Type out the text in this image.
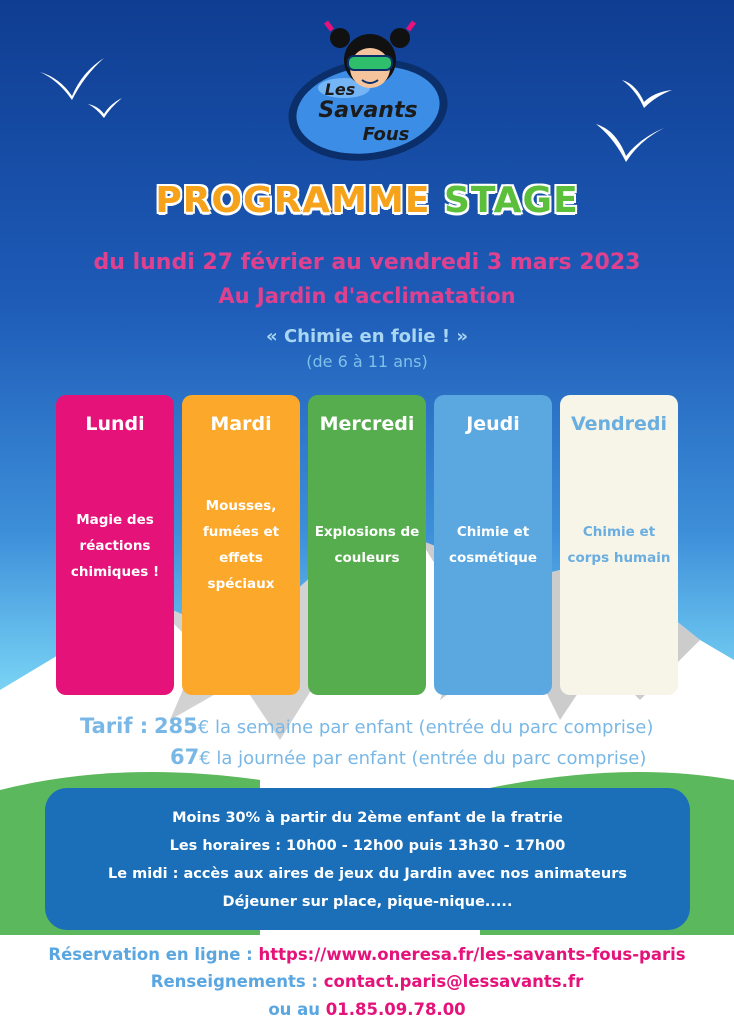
Les
Savants
Fous
PROGRAMME STAGE
du lundi 27 février au vendredi 3 mars 2023
Au Jardin d'acclimatation
« Chimie en folie ! »
(de 6 à 11 ans)
Lundi
Magie des
réactions
chimiques !
Mardi
Mousses,
fumées et
effets
spéciaux
Mercredi
Explosions de
couleurs
Jeudi
Chimie et
cosmétique
Vendredi
Chimie et
corps humain
Tarif : 285€ la semaine par enfant (entrée du parc comprise)
67€ la journée par enfant (entrée du parc comprise)
Moins 30% à partir du 2ème enfant de la fratrie
Les horaires : 10h00 - 12h00 puis 13h30 - 17h00
Le midi : accès aux aires de jeux du Jardin avec nos animateurs
Déjeuner sur place, pique-nique.....
Réservation en ligne : https://www.oneresa.fr/les-savants-fous-paris
Renseignements : contact.paris@lessavants.fr
ou au 01.85.09.78.00
